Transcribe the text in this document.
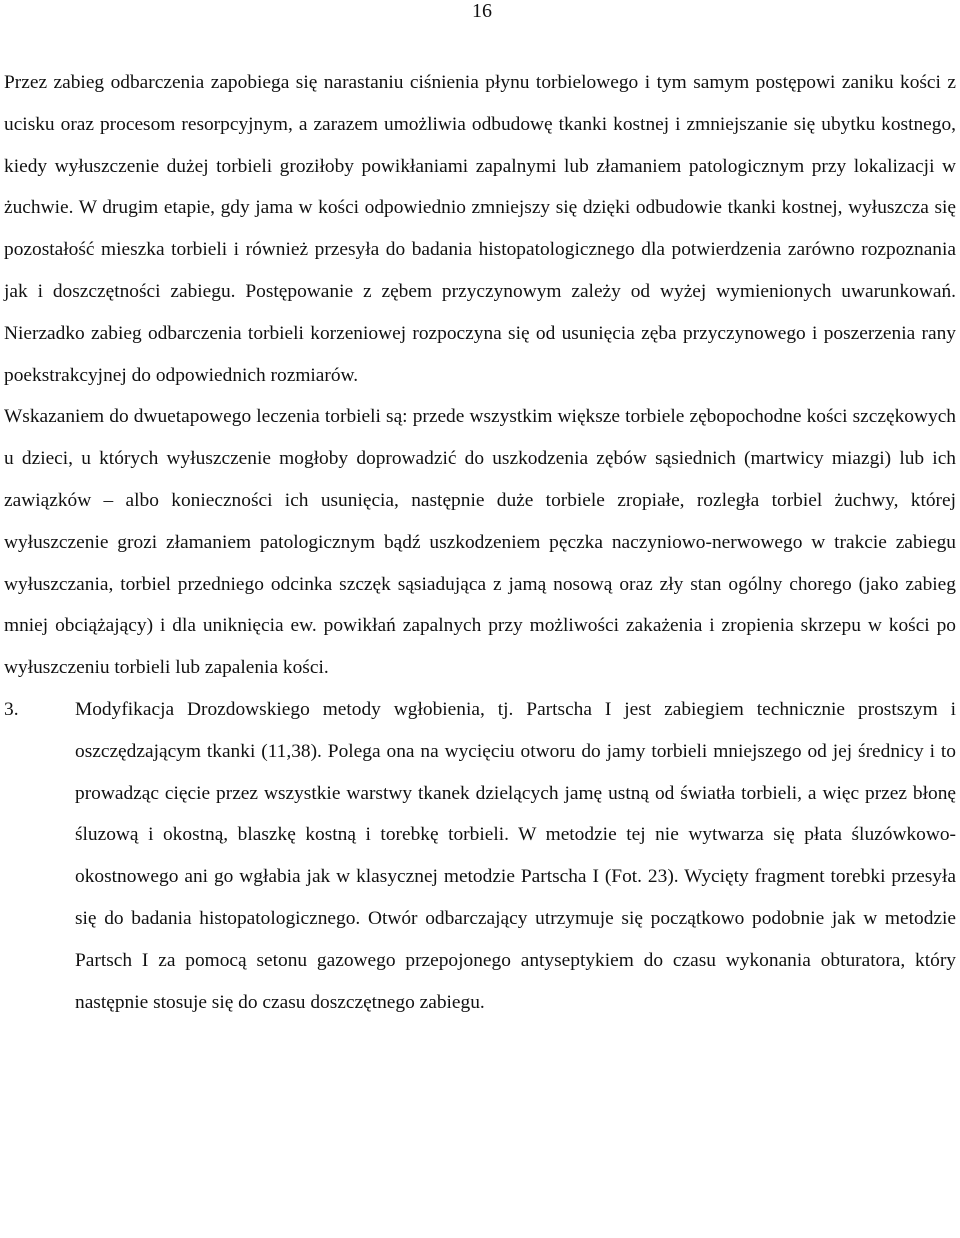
16

Przez zabieg odbarczenia zapobiega się narastaniu ciśnienia płynu torbielowego i tym samym postępowi zaniku kości z ucisku oraz procesom resorpcyjnym, a zarazem umożliwia odbudowę tkanki kostnej i zmniejszanie się ubytku kostnego, kiedy wyłuszczenie dużej torbieli groziłoby powikłaniami zapalnymi lub złamaniem patologicznym przy lokalizacji w żuchwie. W drugim etapie, gdy jama w kości odpowiednio zmniejszy się dzięki odbudowie tkanki kostnej, wyłuszcza się pozostałość mieszka torbieli i również przesyła do badania histopatologicznego dla potwierdzenia zarówno rozpoznania jak i doszczętności zabiegu. Postępowanie z zębem przyczynowym zależy od wyżej wymienionych uwarunkowań. Nierzadko zabieg odbarczenia torbieli korzeniowej rozpoczyna się od usunięcia zęba przyczynowego i poszerzenia rany poekstrakcyjnej do odpowiednich rozmiarów.

Wskazaniem do dwuetapowego leczenia torbieli są: przede wszystkim większe torbiele zębopochodne kości szczękowych u dzieci, u których wyłuszczenie mogłoby doprowadzić do uszkodzenia zębów sąsiednich (martwicy miazgi) lub ich zawiązków – albo konieczności ich usunięcia, następnie duże torbiele zropiałe, rozległa torbiel żuchwy, której wyłuszczenie grozi złamaniem patologicznym bądź uszkodzeniem pęczka naczyniowo-nerwowego w trakcie zabiegu wyłuszczania, torbiel przedniego odcinka szczęk sąsiadująca z jamą nosową oraz zły stan ogólny chorego (jako zabieg mniej obciążający) i dla uniknięcia ew. powikłań zapalnych przy możliwości zakażenia i zropienia skrzepu w kości po wyłuszczeniu torbieli lub zapalenia kości.

3.	Modyfikacja Drozdowskiego metody wgłobienia, tj. Partscha I jest zabiegiem technicznie prostszym i oszczędzającym tkanki (11,38). Polega ona na wycięciu otworu do jamy torbieli mniejszego od jej średnicy i to prowadząc cięcie przez wszystkie warstwy tkanek dzielących jamę ustną od światła torbieli, a więc przez błonę śluzową i okostną, blaszkę kostną i torebkę torbieli. W metodzie tej nie wytwarza się płata śluzówkowo-okostnowego ani go wgłabia jak w klasycznej metodzie Partscha I (Fot. 23). Wycięty fragment torebki przesyła się do badania histopatologicznego. Otwór odbarczający utrzymuje się początkowo podobnie jak w metodzie Partsch I za pomocą setonu gazowego przepojonego antyseptykiem do czasu wykonania obturatora, który następnie stosuje się do czasu doszczętnego zabiegu.
